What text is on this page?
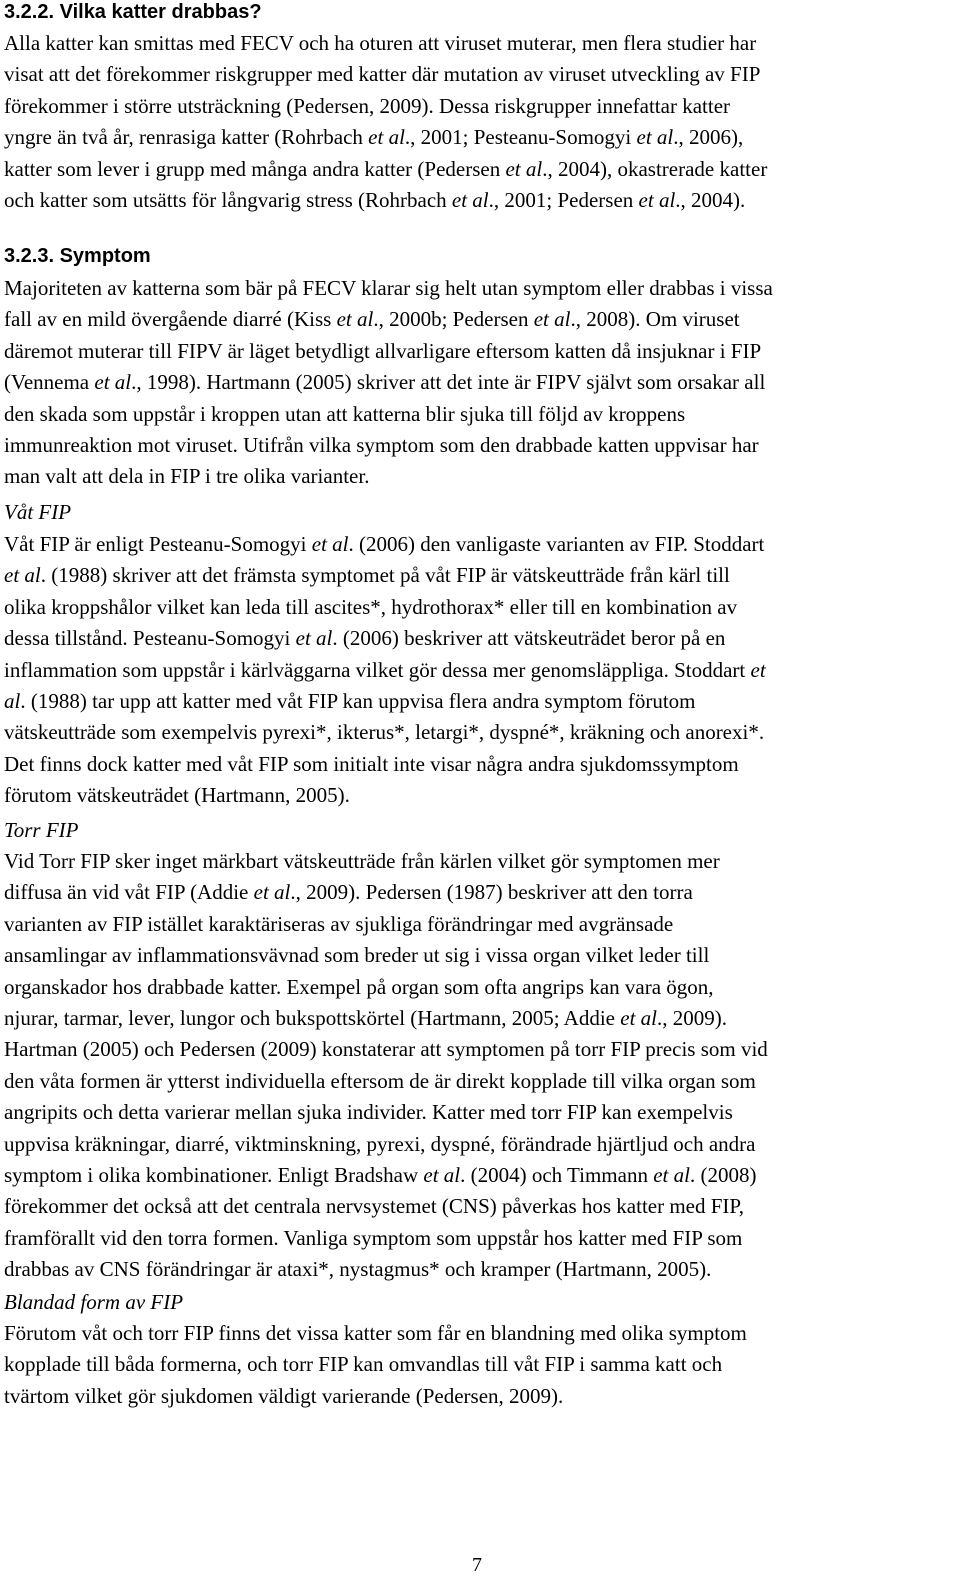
3.2.2. Vilka katter drabbas?
Alla katter kan smittas med FECV och ha oturen att viruset muterar, men flera studier har
visat att det förekommer riskgrupper med katter där mutation av viruset utveckling av FIP
förekommer i större utsträckning (Pedersen, 2009). Dessa riskgrupper innefattar katter
yngre än två år, renrasiga katter (Rohrbach et al., 2001; Pesteanu-Somogyi et al., 2006),
katter som lever i grupp med många andra katter (Pedersen et al., 2004), okastrerade katter
och katter som utsätts för långvarig stress (Rohrbach et al., 2001; Pedersen et al., 2004).
3.2.3. Symptom
Majoriteten av katterna som bär på FECV klarar sig helt utan symptom eller drabbas i vissa
fall av en mild övergående diarré (Kiss et al., 2000b; Pedersen et al., 2008). Om viruset
däremot muterar till FIPV är läget betydligt allvarligare eftersom katten då insjuknar i FIP
(Vennema et al., 1998). Hartmann (2005) skriver att det inte är FIPV självt som orsakar all
den skada som uppstår i kroppen utan att katterna blir sjuka till följd av kroppens
immunreaktion mot viruset. Utifrån vilka symptom som den drabbade katten uppvisar har
man valt att dela in FIP i tre olika varianter.
Våt FIP
Våt FIP är enligt Pesteanu-Somogyi et al. (2006) den vanligaste varianten av FIP. Stoddart
et al. (1988) skriver att det främsta symptomet på våt FIP är vätskeutträde från kärl till
olika kroppshålor vilket kan leda till ascites*, hydrothorax* eller till en kombination av
dessa tillstånd. Pesteanu-Somogyi et al. (2006) beskriver att vätskeuträdet beror på en
inflammation som uppstår i kärlväggarna vilket gör dessa mer genomsläppliga. Stoddart et
al. (1988) tar upp att katter med våt FIP kan uppvisa flera andra symptom förutom
vätskeutträde som exempelvis pyrexi*, ikterus*, letargi*, dyspné*, kräkning och anorexi*.
Det finns dock katter med våt FIP som initialt inte visar några andra sjukdomssymptom
förutom vätskeuträdet (Hartmann, 2005).
Torr FIP
Vid Torr FIP sker inget märkbart vätskeutträde från kärlen vilket gör symptomen mer
diffusa än vid våt FIP (Addie et al., 2009). Pedersen (1987) beskriver att den torra
varianten av FIP istället karaktäriseras av sjukliga förändringar med avgränsade
ansamlingar av inflammationsvävnad som breder ut sig i vissa organ vilket leder till
organskador hos drabbade katter. Exempel på organ som ofta angrips kan vara ögon,
njurar, tarmar, lever, lungor och bukspottskörtel (Hartmann, 2005; Addie et al., 2009).
Hartman (2005) och Pedersen (2009) konstaterar att symptomen på torr FIP precis som vid
den våta formen är ytterst individuella eftersom de är direkt kopplade till vilka organ som
angripits och detta varierar mellan sjuka individer. Katter med torr FIP kan exempelvis
uppvisa kräkningar, diarré, viktminskning, pyrexi, dyspné, förändrade hjärtljud och andra
symptom i olika kombinationer. Enligt Bradshaw et al. (2004) och Timmann et al. (2008)
förekommer det också att det centrala nervsystemet (CNS) påverkas hos katter med FIP,
framförallt vid den torra formen. Vanliga symptom som uppstår hos katter med FIP som
drabbas av CNS förändringar är ataxi*, nystagmus* och kramper (Hartmann, 2005).
Blandad form av FIP
Förutom våt och torr FIP finns det vissa katter som får en blandning med olika symptom
kopplade till båda formerna, och torr FIP kan omvandlas till våt FIP i samma katt och
tvärtom vilket gör sjukdomen väldigt varierande (Pedersen, 2009).
7
